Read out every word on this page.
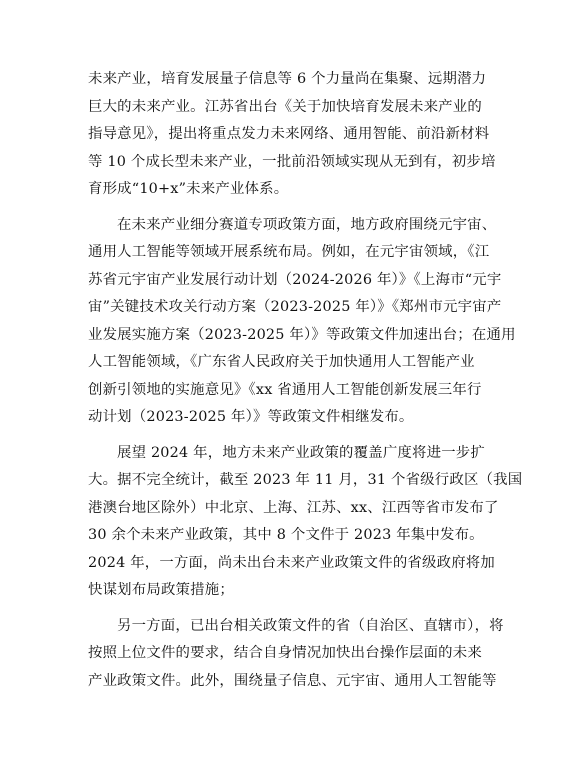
未来产业，培育发展量子信息等 6 个力量尚在集聚、远期潜力
巨大的未来产业。江苏省出台《关于加快培育发展未来产业的
指导意见》，提出将重点发力未来网络、通用智能、前沿新材料
等 10 个成长型未来产业，一批前沿领域实现从无到有，初步培
育形成“10+x”未来产业体系。
在未来产业细分赛道专项政策方面，地方政府围绕元宇宙、
通用人工智能等领域开展系统布局。例如，在元宇宙领域，《江
苏省元宇宙产业发展行动计划（2024-2026 年）》《上海市“元宇
宙”关键技术攻关行动方案（2023-2025 年）》《郑州市元宇宙产
业发展实施方案（2023-2025 年）》等政策文件加速出台；在通用
人工智能领域，《广东省人民政府关于加快通用人工智能产业
创新引领地的实施意见》《xx 省通用人工智能创新发展三年行
动计划（2023-2025 年）》等政策文件相继发布。
展望 2024 年，地方未来产业政策的覆盖广度将进一步扩
大。据不完全统计，截至 2023 年 11 月，31 个省级行政区（我国
港澳台地区除外）中北京、上海、江苏、xx、江西等省市发布了
30 余个未来产业政策，其中 8 个文件于 2023 年集中发布。
2024 年，一方面，尚未出台未来产业政策文件的省级政府将加
快谋划布局政策措施；
另一方面，已出台相关政策文件的省（自治区、直辖市），将
按照上位文件的要求，结合自身情况加快出台操作层面的未来
产业政策文件。此外，围绕量子信息、元宇宙、通用人工智能等
